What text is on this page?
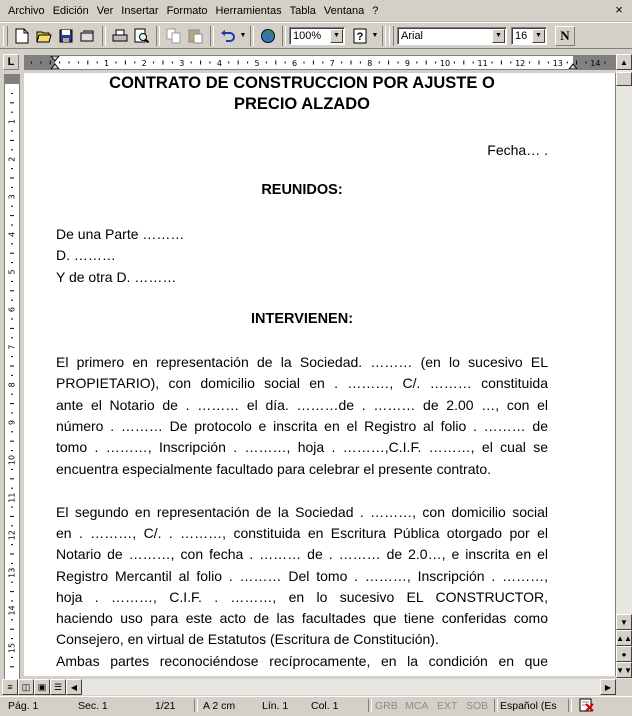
Archivo Edición Ver Insertar Formato Herramientas Tabla Ventana ?	×
▼	100%	▼ ? ▼ Arial	▼ 16	▼	N
L	1	2	3	4	5	6	7	8	9	10	11	12	13	14
1
2
3
4
5
6
7
8
9
10
11
12
13
14
15
CONTRATO DE CONSTRUCCION POR AJUSTE O
PRECIO ALZADO
Fecha… .
REUNIDOS:
De una Parte ………
D. ………
Y de otra D. ………
INTERVIENEN:
El primero en representación de la Sociedad. ……… (en lo sucesivo EL
PROPIETARIO), con domicilio social en . ………, C/. ……… constituida
ante el Notario de . ……… el día. ………de . ……… de 2.00 …, con el
número . ……… De protocolo e inscrita en el Registro al folio . ……… de
tomo . ………, Inscripción . ………, hoja . ………,C.I.F. ………, el cual se
encuentra especialmente facultado para celebrar el presente contrato.
El segundo en representación de la Sociedad . ………, con domicilio social
en . ………, C/. . ………, constituida en Escritura Pública otorgado por el
Notario de ………, con fecha . ……… de . ……… de 2.0…, e inscrita en el
Registro Mercantil al folio . ……… Del tomo . ………, Inscripción . ………,
hoja . ………, C.I.F. . ………, en lo sucesivo EL CONSTRUCTOR,
haciendo uso para este acto de las facultades que tiene conferidas como
Consejero, en virtual de Estatutos (Escritura de Constitución).
Ambas partes reconociéndose recíprocamente, en la condición en que
▲
▼
▲▲
●
▼▼
≡	◫ ▣ ☰	◀	▶
Pág. 1	Sec. 1	1/21	A 2 cm	Lín. 1 Col. 1	GRB MCA EXT SOB Español (Es
